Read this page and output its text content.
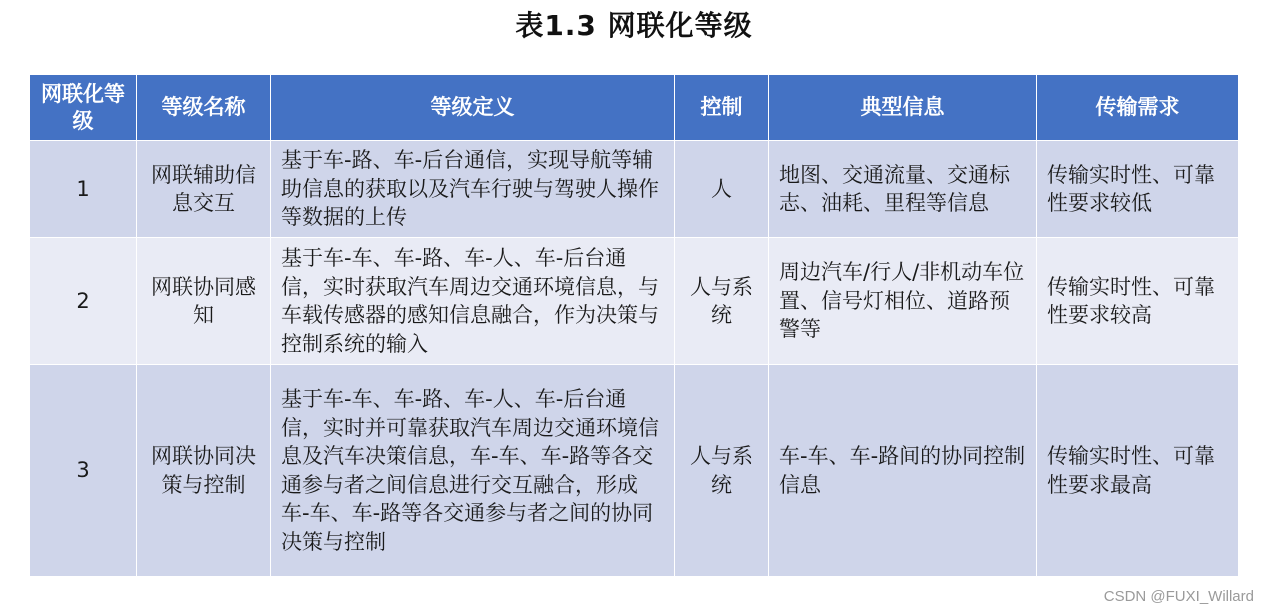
表1.3 网联化等级
网联化等级	等级名称	等级定义	控制	典型信息	传输需求
1	网联辅助信息交互	基于车-路、车-后台通信，实现导航等辅助信息的获取以及汽车行驶与驾驶人操作等数据的上传	人	地图、交通流量、交通标志、油耗、里程等信息	传输实时性、可靠性要求较低
2	网联协同感知	基于车-车、车-路、车-人、车-后台通信，实时获取汽车周边交通环境信息，与车载传感器的感知信息融合，作为决策与控制系统的输入	人与系统	周边汽车/行人/非机动车位置、信号灯相位、道路预警等	传输实时性、可靠性要求较高
3	网联协同决策与控制	基于车-车、车-路、车-人、车-后台通信，实时并可靠获取汽车周边交通环境信息及汽车决策信息，车-车、车-路等各交通参与者之间信息进行交互融合，形成车-车、车-路等各交通参与者之间的协同决策与控制	人与系统	车-车、车-路间的协同控制信息	传输实时性、可靠性要求最高
CSDN @FUXI_Willard
